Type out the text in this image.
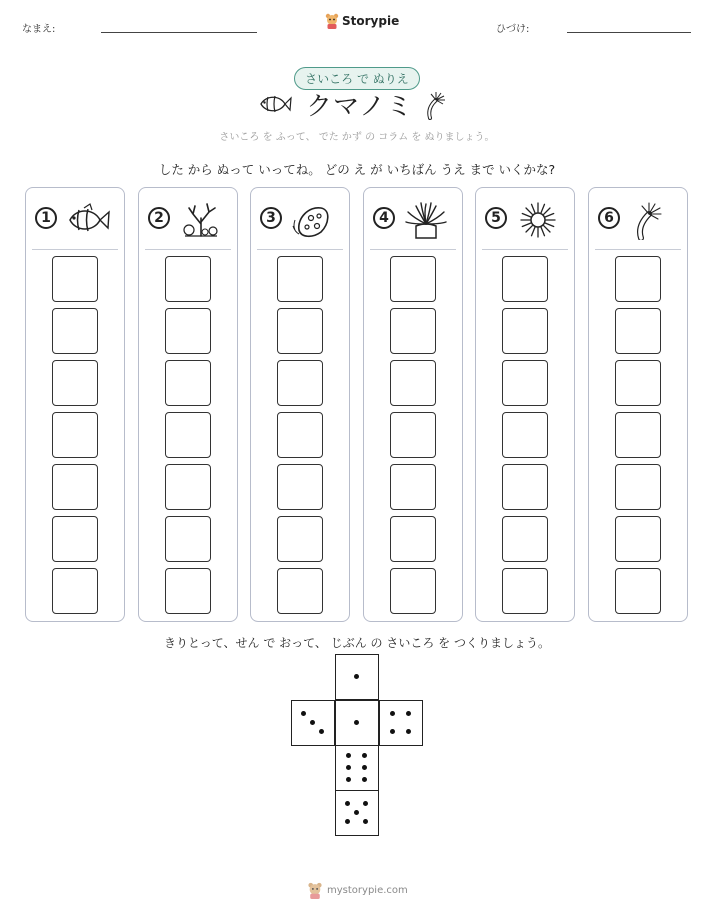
なまえ:
Storypie
ひづけ:
さいころ で ぬりえ
クマノミ
さいころ を ふって、 でた かず の コラム を ぬりましょう。
した から ぬって いってね。 どの え が いちばん うえ まで いくかな?
1	2	3	4	5	6
きりとって、せん で おって、 じぶん の さいころ を つくりましょう。
mystorypie.com
